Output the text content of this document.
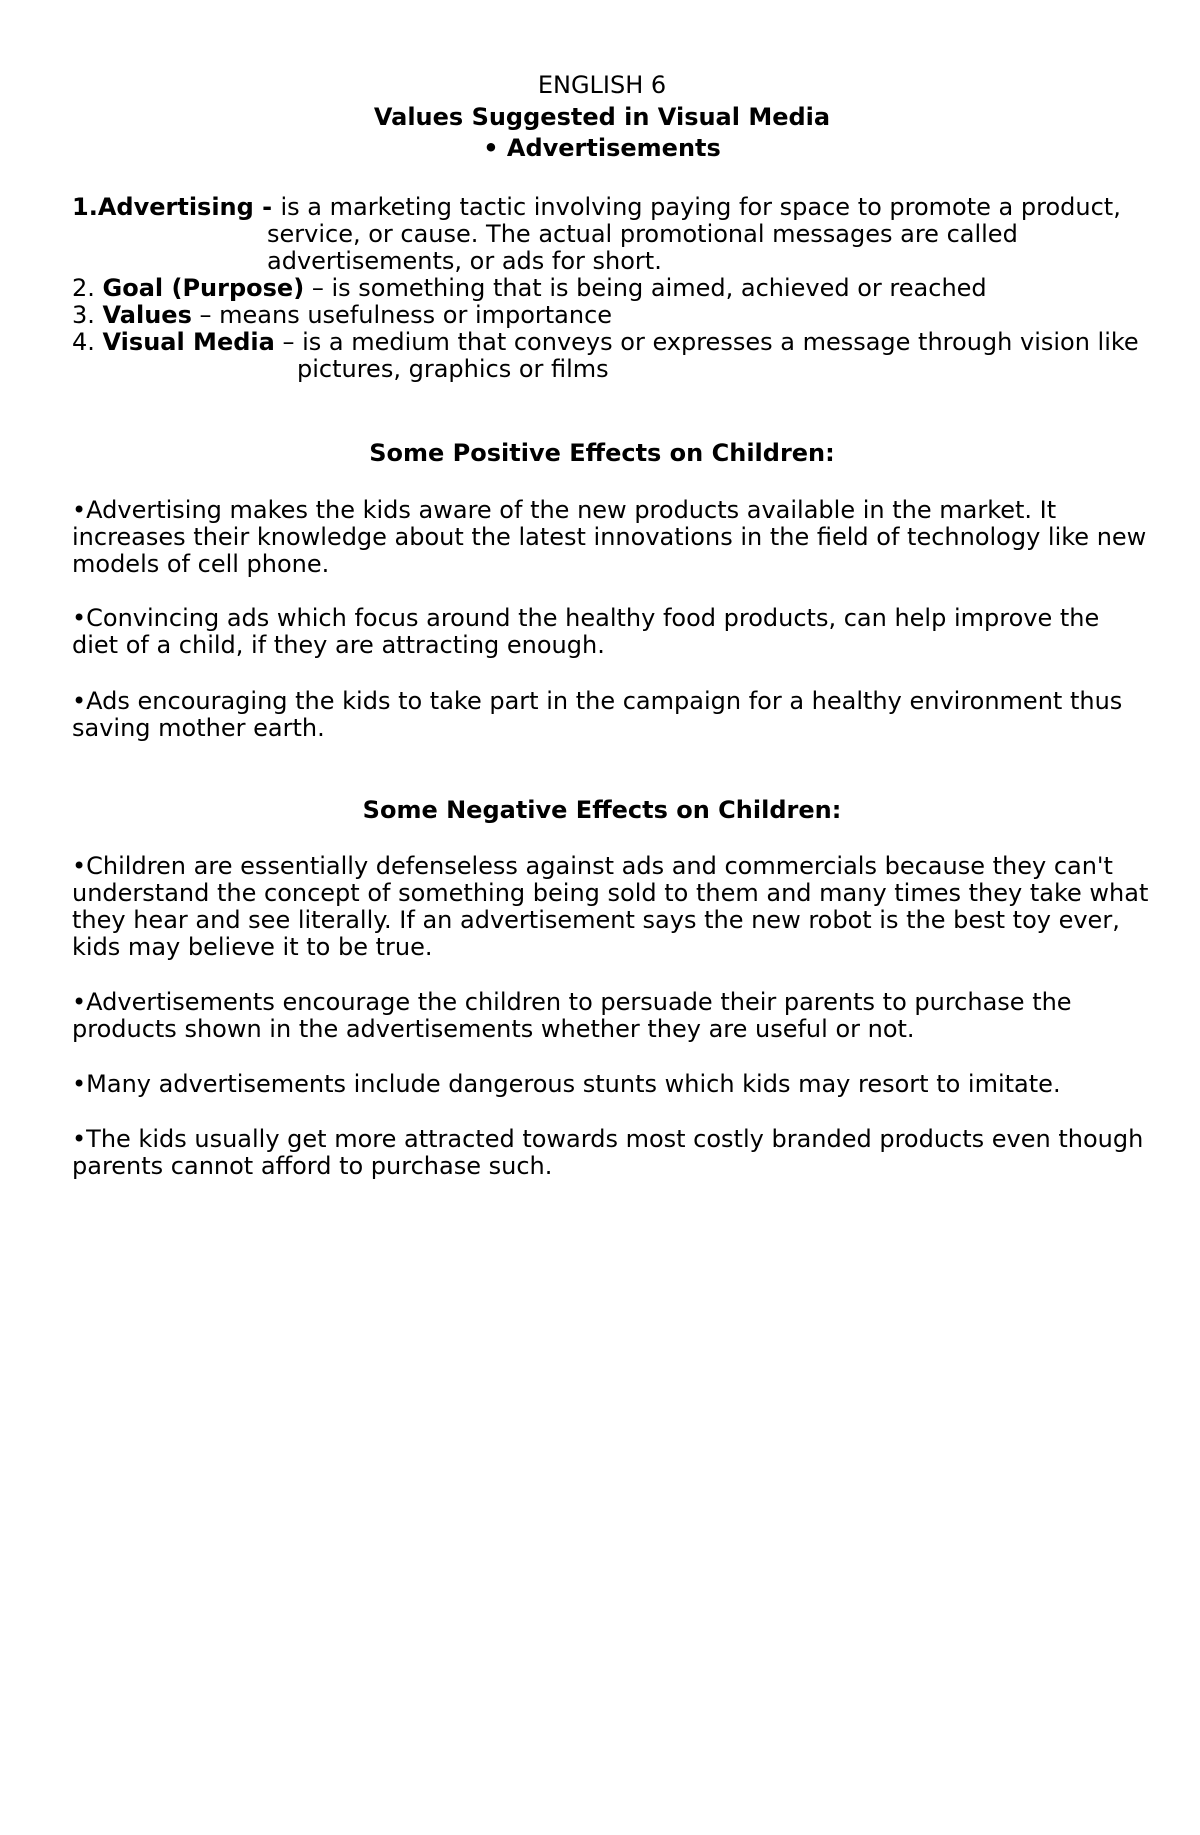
ENGLISH 6
Values Suggested in Visual Media
• Advertisements
1.Advertising - is a marketing tactic involving paying for space to promote a product,
service, or cause. The actual promotional messages are called
advertisements, or ads for short.
2. Goal (Purpose) – is something that is being aimed, achieved or reached
3. Values – means usefulness or importance
4. Visual Media – is a medium that conveys or expresses a message through vision like
pictures, graphics or films
Some Positive Effects on Children:
•Advertising makes the kids aware of the new products available in the market. It
increases their knowledge about the latest innovations in the field of technology like new
models of cell phone.
•Convincing ads which focus around the healthy food products, can help improve the
diet of a child, if they are attracting enough.
•Ads encouraging the kids to take part in the campaign for a healthy environment thus
saving mother earth.
Some Negative Effects on Children:
•Children are essentially defenseless against ads and commercials because they can't
understand the concept of something being sold to them and many times they take what
they hear and see literally. If an advertisement says the new robot is the best toy ever,
kids may believe it to be true.
•Advertisements encourage the children to persuade their parents to purchase the
products shown in the advertisements whether they are useful or not.
•Many advertisements include dangerous stunts which kids may resort to imitate.
•The kids usually get more attracted towards most costly branded products even though
parents cannot afford to purchase such.
